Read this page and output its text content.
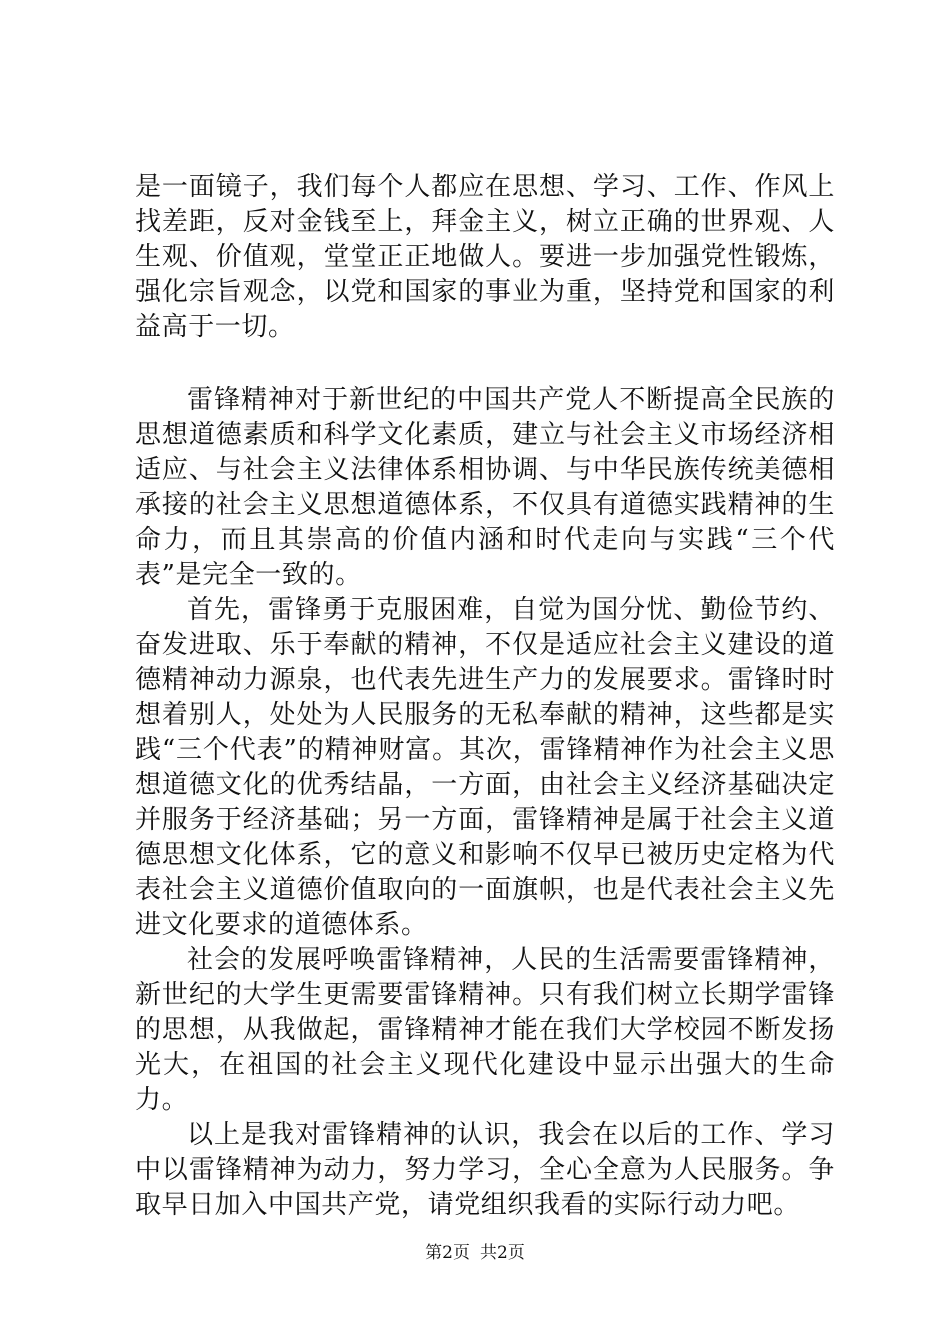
是一面镜子，我们每个人都应在思想、学习、工作、作风上找差距，反对金钱至上，拜金主义，树立正确的世界观、人生观、价值观，堂堂正正地做人。要进一步加强党性锻炼，强化宗旨观念，以党和国家的事业为重，坚持党和国家的利益高于一切。

雷锋精神对于新世纪的中国共产党人不断提高全民族的思想道德素质和科学文化素质，建立与社会主义市场经济相适应、与社会主义法律体系相协调、与中华民族传统美德相承接的社会主义思想道德体系，不仅具有道德实践精神的生命力，而且其崇高的价值内涵和时代走向与实践“三个代表”是完全一致的。

首先，雷锋勇于克服困难，自觉为国分忧、勤俭节约、奋发进取、乐于奉献的精神，不仅是适应社会主义建设的道德精神动力源泉，也代表先进生产力的发展要求。雷锋时时想着别人，处处为人民服务的无私奉献的精神，这些都是实践“三个代表”的精神财富。其次，雷锋精神作为社会主义思想道德文化的优秀结晶，一方面，由社会主义经济基础决定并服务于经济基础；另一方面，雷锋精神是属于社会主义道德思想文化体系，它的意义和影响不仅早已被历史定格为代表社会主义道德价值取向的一面旗帜，也是代表社会主义先进文化要求的道德体系。

社会的发展呼唤雷锋精神，人民的生活需要雷锋精神，新世纪的大学生更需要雷锋精神。只有我们树立长期学雷锋的思想，从我做起，雷锋精神才能在我们大学校园不断发扬光大，在祖国的社会主义现代化建设中显示出强大的生命力。

以上是我对雷锋精神的认识，我会在以后的工作、学习中以雷锋精神为动力，努力学习，全心全意为人民服务。争取早日加入中国共产党，请党组织我看的实际行动力吧。

第2页 共2页
